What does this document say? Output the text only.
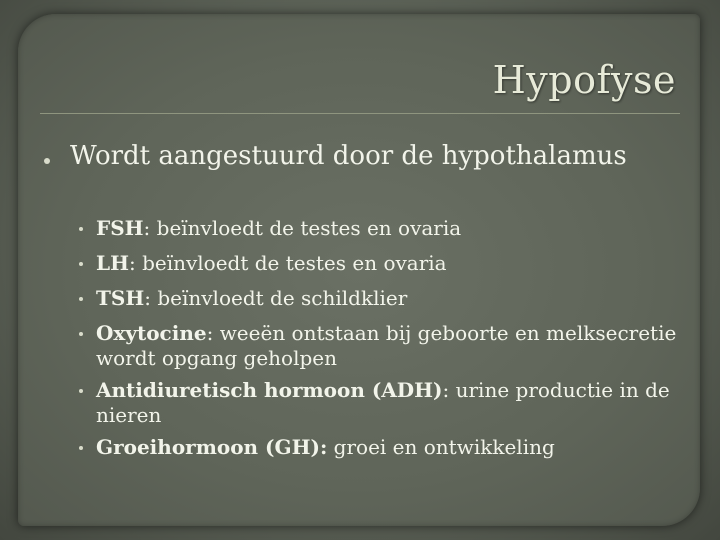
Hypofyse
Wordt aangestuurd door de hypothalamus
FSH: beïnvloedt de testes en ovaria
LH: beïnvloedt de testes en ovaria
TSH: beïnvloedt de schildklier
Oxytocine: weeën ontstaan bij geboorte en melksecretie wordt opgang geholpen
Antidiuretisch hormoon (ADH): urine productie in de nieren
Groeihormoon (GH): groei en ontwikkeling
